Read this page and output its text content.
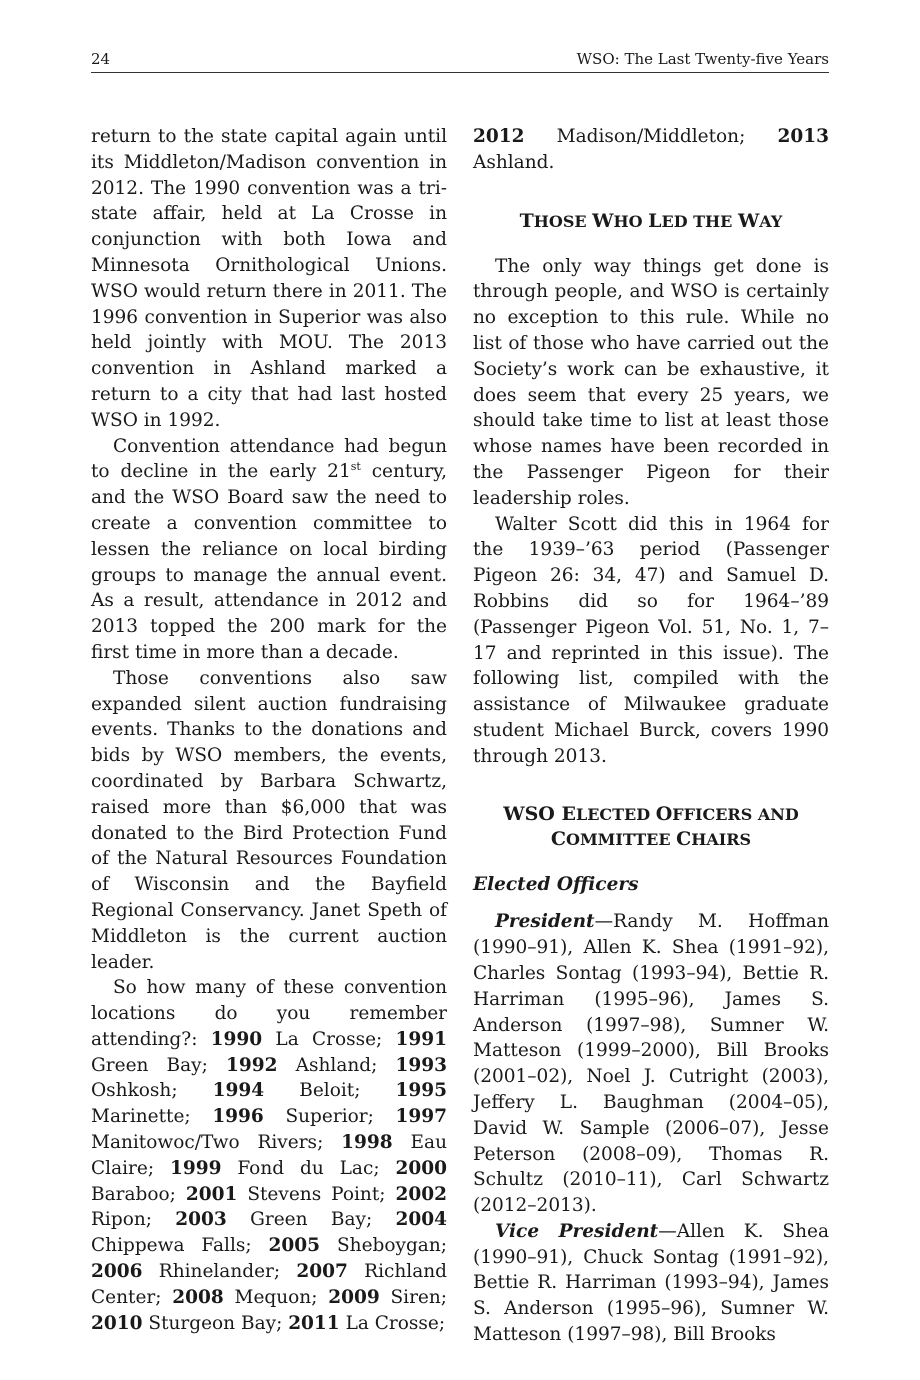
24	WSO: The Last Twenty-five Years

return to the state capital again until its Middleton/Madison convention in 2012. The 1990 convention was a tri-state affair, held at La Crosse in conjunction with both Iowa and Minnesota Ornithological Unions. WSO would return there in 2011. The 1996 convention in Superior was also held jointly with MOU. The 2013 convention in Ashland marked a return to a city that had last hosted WSO in 1992.

Convention attendance had begun to decline in the early 21st century, and the WSO Board saw the need to create a convention committee to lessen the reliance on local birding groups to manage the annual event. As a result, attendance in 2012 and 2013 topped the 200 mark for the first time in more than a decade.

Those conventions also saw expanded silent auction fundraising events. Thanks to the donations and bids by WSO members, the events, coordinated by Barbara Schwartz, raised more than $6,000 that was donated to the Bird Protection Fund of the Natural Resources Foundation of Wisconsin and the Bayfield Regional Conservancy. Janet Speth of Middleton is the current auction leader.

So how many of these convention locations do you remember attending?: 1990 La Crosse; 1991 Green Bay; 1992 Ashland; 1993 Oshkosh; 1994 Beloit; 1995 Marinette; 1996 Superior; 1997 Manitowoc/Two Rivers; 1998 Eau Claire; 1999 Fond du Lac; 2000 Baraboo; 2001 Stevens Point; 2002 Ripon; 2003 Green Bay; 2004 Chippewa Falls; 2005 Sheboygan; 2006 Rhinelander; 2007 Richland Center; 2008 Mequon; 2009 Siren; 2010 Sturgeon Bay; 2011 La Crosse;

2012 Madison/Middleton; 2013 Ashland.

THOSE WHO LED THE WAY

The only way things get done is through people, and WSO is certainly no exception to this rule. While no list of those who have carried out the Society’s work can be exhaustive, it does seem that every 25 years, we should take time to list at least those whose names have been recorded in the Passenger Pigeon for their leadership roles.

Walter Scott did this in 1964 for the 1939–’63 period (Passenger Pigeon 26: 34, 47) and Samuel D. Robbins did so for 1964–’89 (Passenger Pigeon Vol. 51, No. 1, 7–17 and reprinted in this issue). The following list, compiled with the assistance of Milwaukee graduate student Michael Burck, covers 1990 through 2013.

WSO ELECTED OFFICERS AND
COMMITTEE CHAIRS

Elected Officers

President—Randy M. Hoffman (1990–91), Allen K. Shea (1991–92), Charles Sontag (1993–94), Bettie R. Harriman (1995–96), James S. Anderson (1997–98), Sumner W. Matteson (1999–2000), Bill Brooks (2001–02), Noel J. Cutright (2003), Jeffery L. Baughman (2004–05), David W. Sample (2006–07), Jesse Peterson (2008–09), Thomas R. Schultz (2010–11), Carl Schwartz (2012–2013).

Vice President—Allen K. Shea (1990–91), Chuck Sontag (1991–92), Bettie R. Harriman (1993–94), James S. Anderson (1995–96), Sumner W. Matteson (1997–98), Bill Brooks
